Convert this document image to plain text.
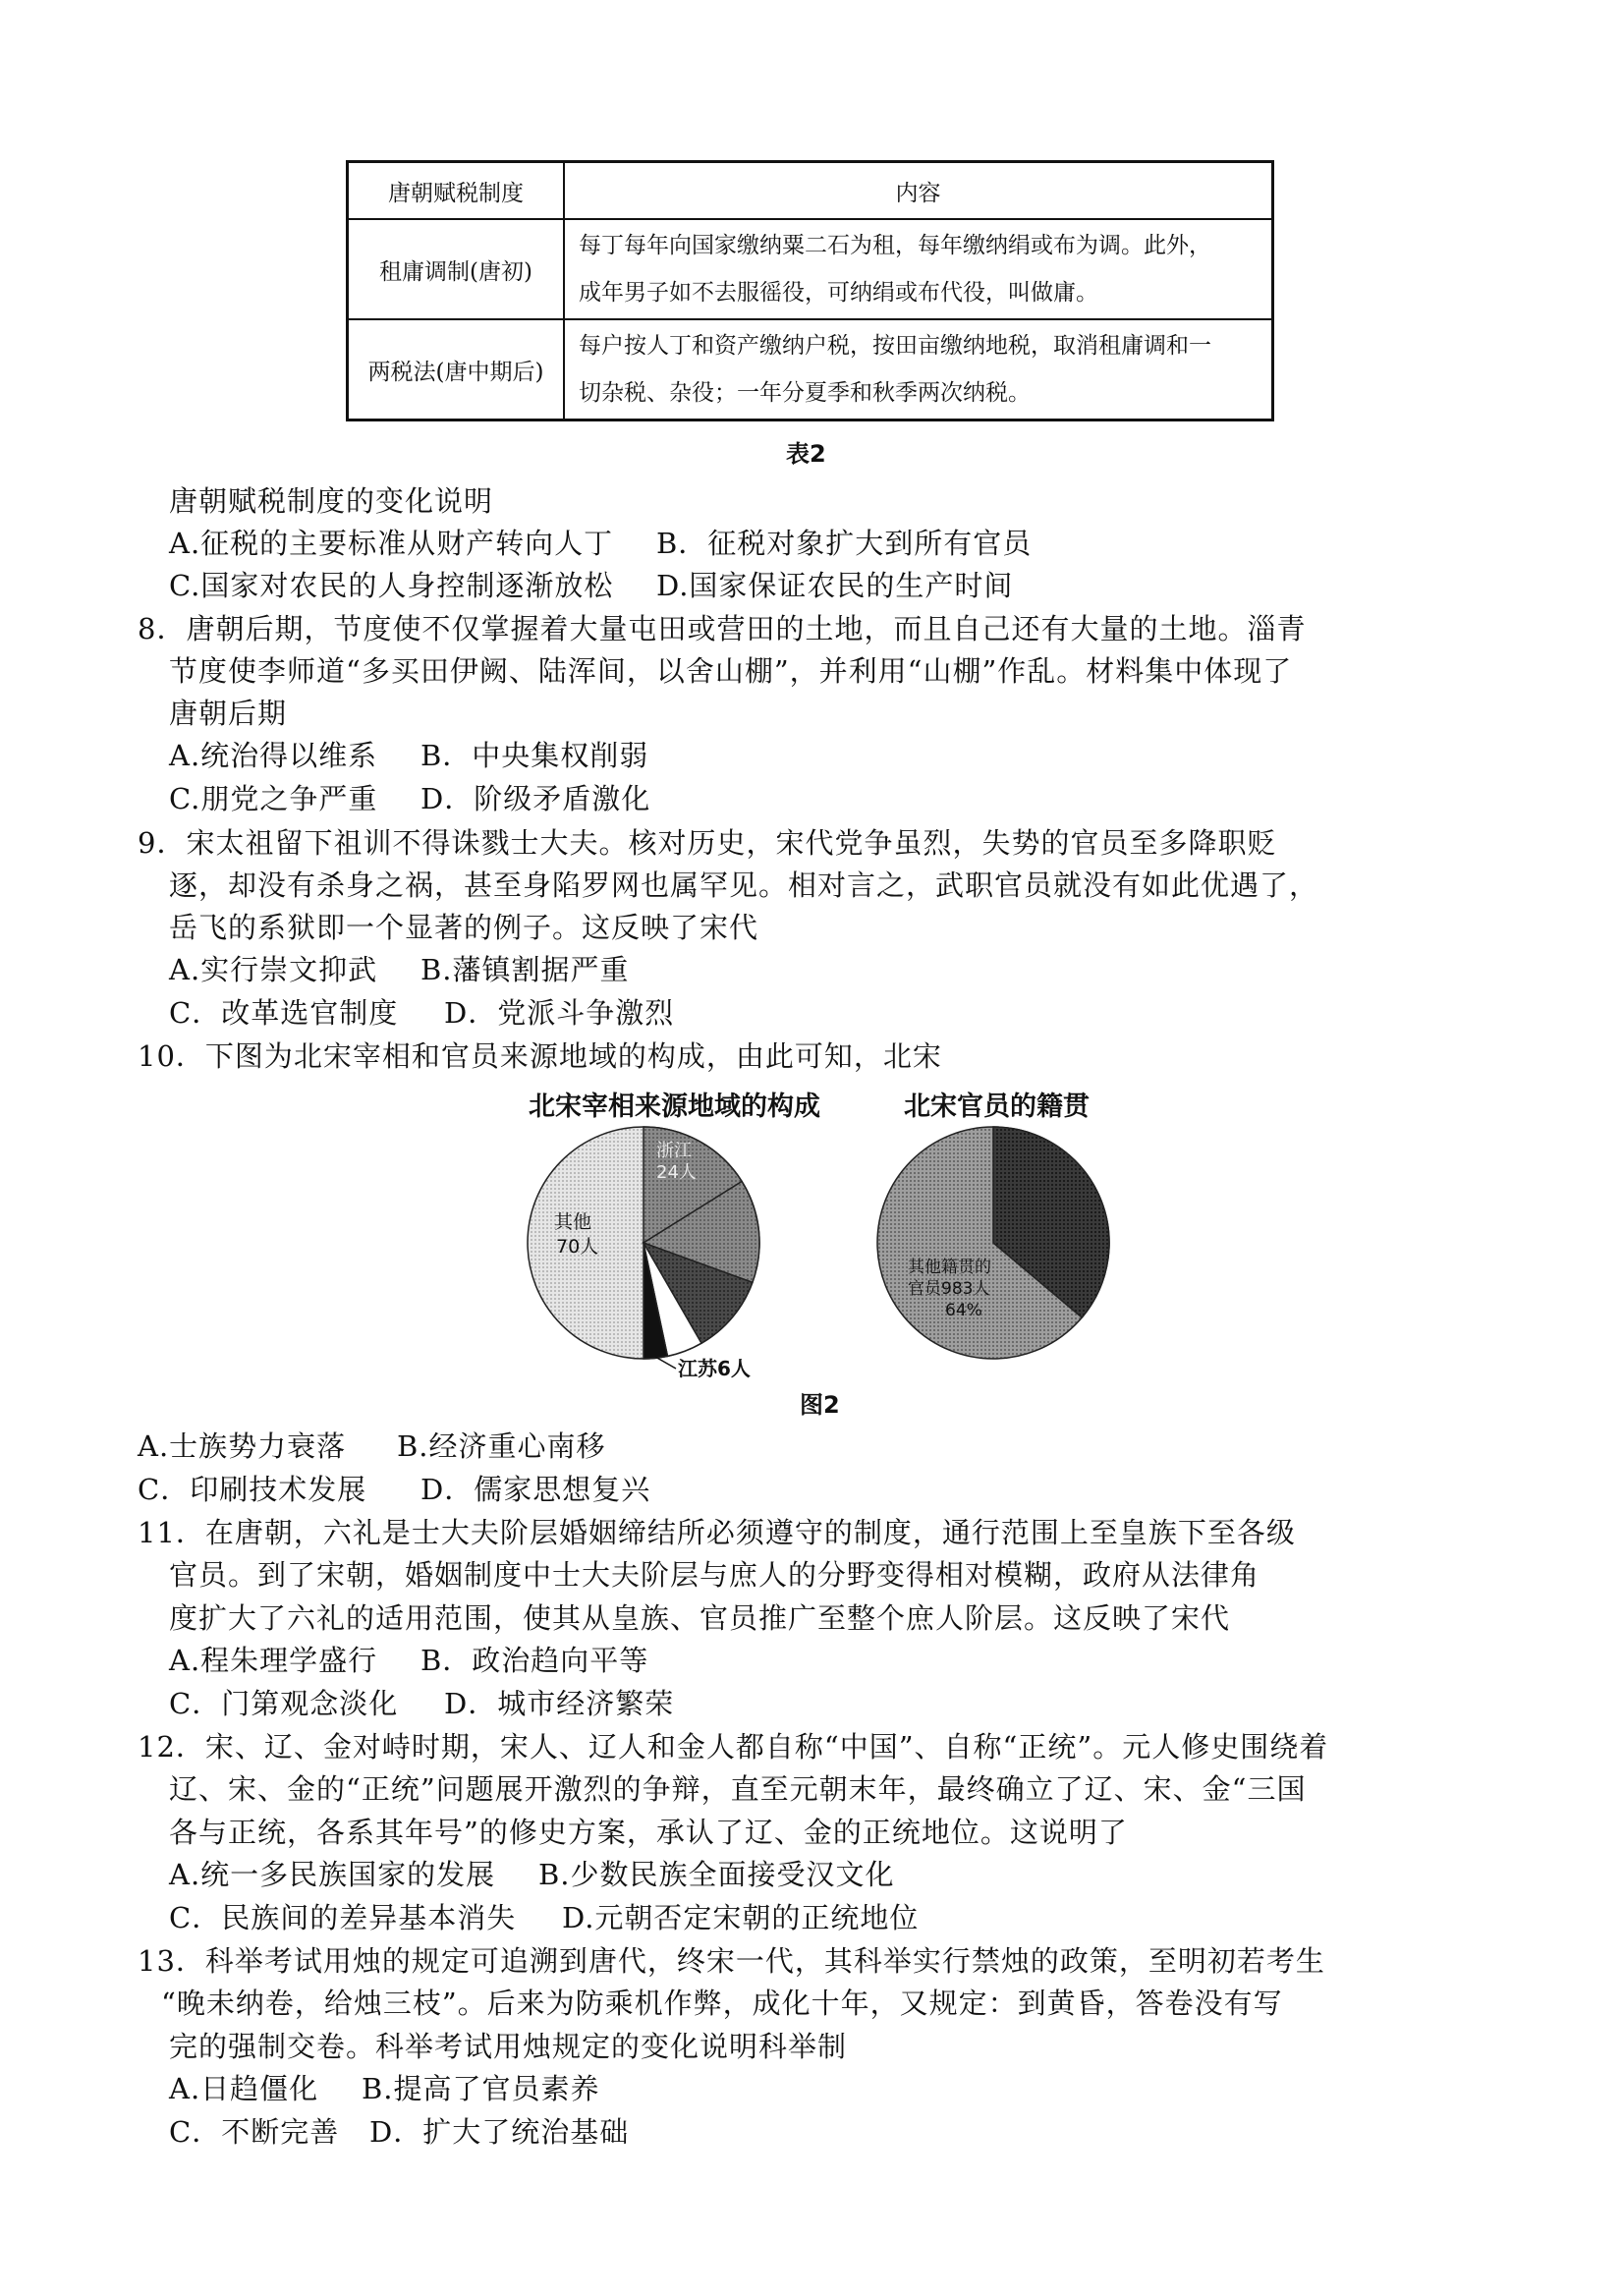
唐朝赋税制度	内容
租庸调制(唐初)	每丁每年向国家缴纳粟二石为租，每年缴纳绢或布为调。此外，
成年男子如不去服徭役，可纳绢或布代役，叫做庸。

两税法(唐中期后)	每户按人丁和资产缴纳户税，按田亩缴纳地税，取消租庸调和一
切杂税、杂役；一年分夏季和秋季两次纳税。
表2
唐朝赋税制度的变化说明
A.征税的主要标准从财产转向人丁 B．征税对象扩大到所有官员
C.国家对农民的人身控制逐渐放松 D.国家保证农民的生产时间
8．唐朝后期，节度使不仅掌握着大量屯田或营田的土地，而且自己还有大量的土地。淄青
节度使李师道“多买田伊阙、陆浑间，以舍山棚”，并利用“山棚”作乱。材料集中体现了
唐朝后期
A.统治得以维系 B．中央集权削弱
C.朋党之争严重 D．阶级矛盾激化
9．宋太祖留下祖训不得诛戮士大夫。核对历史，宋代党争虽烈，失势的官员至多降职贬
逐，却没有杀身之祸，甚至身陷罗网也属罕见。相对言之，武职官员就没有如此优遇了，
岳飞的系狱即一个显著的例子。这反映了宋代
A.实行崇文抑武 B.藩镇割据严重
C．改革选官制度 D．党派斗争激烈
10．下图为北宋宰相和官员来源地域的构成，由此可知，北宋
北宋宰相来源地域的构成	北宋官员的籍贯
浙江
24人
其他
70人
江苏6人
其他籍贯的
官员983人
64%
图2
A.士族势力衰落 B.经济重心南移
C．印刷技术发展 D．儒家思想复兴
11．在唐朝，六礼是士大夫阶层婚姻缔结所必须遵守的制度，通行范围上至皇族下至各级
官员。到了宋朝，婚姻制度中士大夫阶层与庶人的分野变得相对模糊，政府从法律角
度扩大了六礼的适用范围，使其从皇族、官员推广至整个庶人阶层。这反映了宋代
A.程朱理学盛行 B．政治趋向平等
C．门第观念淡化 D．城市经济繁荣
12．宋、辽、金对峙时期，宋人、辽人和金人都自称“中国”、自称“正统”。元人修史围绕着
辽、宋、金的“正统”问题展开激烈的争辩，直至元朝末年，最终确立了辽、宋、金“三国
各与正统，各系其年号”的修史方案，承认了辽、金的正统地位。这说明了
A.统一多民族国家的发展 B.少数民族全面接受汉文化
C．民族间的差异基本消失 D.元朝否定宋朝的正统地位
13．科举考试用烛的规定可追溯到唐代，终宋一代，其科举实行禁烛的政策，至明初若考生
“晚未纳卷，给烛三枝”。后来为防乘机作弊，成化十年，又规定：到黄昏，答卷没有写
完的强制交卷。科举考试用烛规定的变化说明科举制
A.日趋僵化 B.提高了官员素养
C．不断完善 D．扩大了统治基础
